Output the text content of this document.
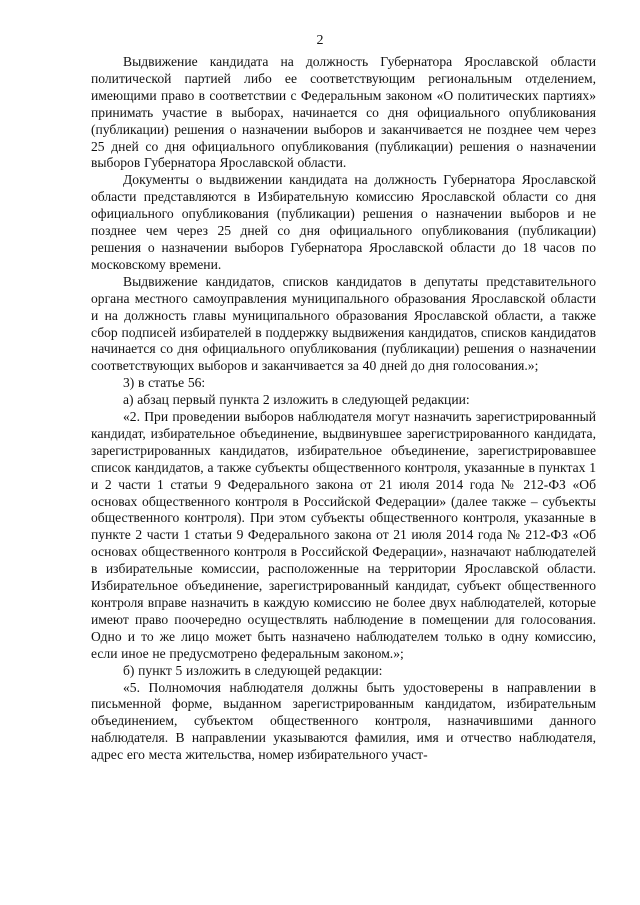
2

Выдвижение кандидата на должность Губернатора Ярославской области политической партией либо ее соответствующим региональным отделением, имеющими право в соответствии с Федеральным законом «О политических партиях» принимать участие в выборах, начинается со дня официального опубликования (публикации) решения о назначении выборов и заканчивается не позднее чем через 25 дней со дня официального опубликования (публикации) решения о назначении выборов Губернатора Ярославской области.

Документы о выдвижении кандидата на должность Губернатора Ярославской области представляются в Избирательную комиссию Ярославской области со дня официального опубликования (публикации) решения о назначении выборов и не позднее чем через 25 дней со дня официального опубликования (публикации) решения о назначении выборов Губернатора Ярославской области до 18 часов по московскому времени.

Выдвижение кандидатов, списков кандидатов в депутаты представительного органа местного самоуправления муниципального образования Ярославской области и на должность главы муниципального образования Ярославской области, а также сбор подписей избирателей в поддержку выдвижения кандидатов, списков кандидатов начинается со дня официального опубликования (публикации) решения о назначении соответствующих выборов и заканчивается за 40 дней до дня голосования.»;

3) в статье 56:

а) абзац первый пункта 2 изложить в следующей редакции:

«2. При проведении выборов наблюдателя могут назначить зарегистрированный кандидат, избирательное объединение, выдвинувшее зарегистрированного кандидата, зарегистрированных кандидатов, избирательное объединение, зарегистрировавшее список кандидатов, а также субъекты общественного контроля, указанные в пунктах 1 и 2 части 1 статьи 9 Федерального закона от 21 июля 2014 года № 212-ФЗ «Об основах общественного контроля в Российской Федерации» (далее также – субъекты общественного контроля). При этом субъекты общественного контроля, указанные в пункте 2 части 1 статьи 9 Федерального закона от 21 июля 2014 года № 212-ФЗ «Об основах общественного контроля в Российской Федерации», назначают наблюдателей в избирательные комиссии, расположенные на территории Ярославской области. Избирательное объединение, зарегистрированный кандидат, субъект общественного контроля вправе назначить в каждую комиссию не более двух наблюдателей, которые имеют право поочередно осуществлять наблюдение в помещении для голосования. Одно и то же лицо может быть назначено наблюдателем только в одну комиссию, если иное не предусмотрено федеральным законом.»;

б) пункт 5 изложить в следующей редакции:

«5. Полномочия наблюдателя должны быть удостоверены в направлении в письменной форме, выданном зарегистрированным кандидатом, избирательным объединением, субъектом общественного контроля, назначившими данного наблюдателя. В направлении указываются фамилия, имя и отчество наблюдателя, адрес его места жительства, номер избирательного участ-
